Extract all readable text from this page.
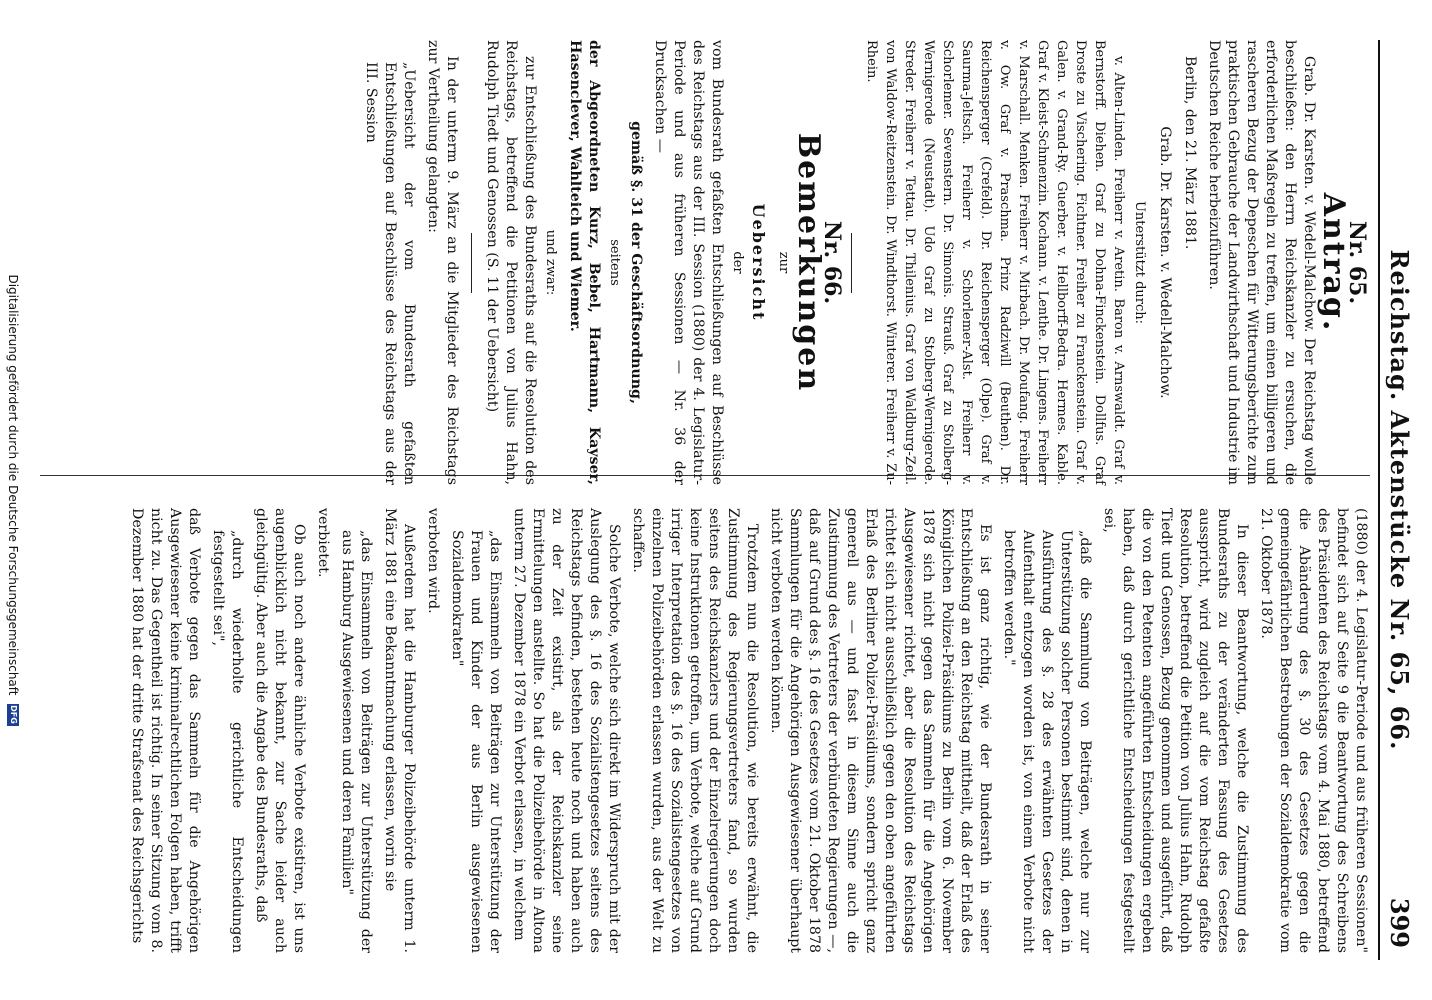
Reichstag. Aktenstücke Nr. 65, 66.
399
Nr. 65.
Antrag.

Grab. Dr. Karsten. v. Wedell-Malchow. Der Reichstag wolle beschließen: den Herrn Reichskanzler zu ersuchen, die erforderlichen Maßregeln zu treffen, um einen billigeren und rascheren Bezug der Depeschen für Witterungsberichte zum praktischen Gebrauche der Landwirthschaft und Industrie im Deutschen Reiche herbeizuführen.

Berlin, den 21. März 1881.

Grab. Dr. Karsten. v. Wedell-Malchow.
Unterstützt durch:

v. Alten-Linden. Freiherr v. Aretin. Baron v. Arnswaldt. Graf v. Bernstorff. Diehen. Graf zu Dohna-Finckenstein. Dollfus. Graf Droste zu Vischering. Fichtner. Freiher zu Franckenstein. Graf v. Galen. v. Grand-Ry. Guerber. v. Hellborff-Bedra. Hermes. Kable. Graf v. Kleist-Schmenzin. Kochann. v. Lenthe. Dr. Lingens. Freiherr v. Marschall. Menken. Freiherr v. Mirbach. Dr. Moufang. Freiherr v. Ow. Graf v. Praschma. Prinz Radziwill (Beuthen). Dr. Reichensperger (Crefeld). Dr. Reichensperger (Olpe). Graf v. Saurma-Jeltsch. Freiherr v. Schorlemer-Alst. Freiherr v. Schorlemer. Sevenstern. Dr. Simonis. Strauß. Graf zu Stolberg-Wernigerode (Neustadt). Udo Graf zu Stolberg-Wernigerode. Streder. Freiherr v. Tettau. Dr. Thilenius. Graf von Waldburg-Zeil. von Waldow-Reitzenstein. Dr. Windthorst. Winterer. Freiherr v. Zu-Rhein.

Nr. 66.
Bemerkungen
zur
Uebersicht
der

vom Bundesrath gefaßten Entschließungen auf Beschlüsse des Reichstags aus der III. Session (1880) der 4. Legislatur-Periode und aus früheren Sessionen — Nr. 36 der Drucksachen —

gemäß §. 31 der Geschäftsordnung,
seitens

der Abgeordneten Kurz, Bebel, Hartmann, Kayser, Hasenclever, Wahlteich und Wiemer.

und zwar:

zur Entschließung des Bundesraths auf die Resolution des Reichstags, betreffend die Petitionen von Julius Hahn, Rudolph Tiedt und Genossen (S. 11 der Uebersicht)

In der unterm 9. März an die Mitglieder des Reichstags zur Vertheilung gelangten:

„Uebersicht der vom Bundesrath gefaßten Entschließungen auf Beschlüsse des Reichstags aus der III. Session

(1880) der 4. Legislatur-Periode und aus früheren Sessionen" befindet sich auf Seite 9 die Beantwortung des Schreibens des Präsidenten des Reichstags vom 4. Mai 1880, betreffend die Abänderung des §. 30 des Gesetzes gegen die gemeingefährlichen Bestrebungen der Sozialdemokratie vom 21. Oktober 1878.

In dieser Beantwortung, welche die Zustimmung des Bundesraths zu der veränderten Fassung des Gesetzes ausspricht, wird zugleich auf die vom Reichstag gefaßte Resolution, betreffend die Petition von Julius Hahn, Rudolph Tiedt und Genossen, Bezug genommen und ausgeführt, daß die von den Petenten angeführten Entscheidungen ergeben haben, daß durch gerichtliche Entscheidungen festgestellt sei,

„daß die Sammlung von Beiträgen, welche nur zur Unterstützung solcher Personen bestimmt sind, denen in Ausführung des §. 28 des erwähnten Gesetzes der Aufenthalt entzogen worden ist, von einem Verbote nicht betroffen werden."

Es ist ganz richtig, wie der Bundesrath in seiner Entschließung an den Reichstag mittheilt, daß der Erlaß des Königlichen Polizei-Präsidiums zu Berlin vom 6. November 1878 sich nicht gegen das Sammeln für die Angehörigen Ausgewiesener richtet, aber die Resolution des Reichstags richtet sich nicht ausschließlich gegen den oben angeführten Erlaß des Berliner Polizei-Präsidiums, sondern spricht ganz generell aus — und fasst in diesem Sinne auch die Zustimmung des Vertreters der verbündeten Regierungen —, daß auf Grund des §. 16 des Gesetzes vom 21. Oktober 1878 Sammlungen für die Angehörigen Ausgewiesener überhaupt nicht verboten werden können.

Trotzdem nun die Resolution, wie bereits erwähnt, die Zustimmung des Regierungsvertreters fand, so wurden seitens des Reichskanzlers und der Einzelregierungen doch keine Instruktionen getroffen, um Verbote, welche auf Grund irriger Interpretation des §. 16 des Sozialistengesetzes von einzelnen Polizeibehörden erlassen wurden, aus der Welt zu schaffen.

Solche Verbote, welche sich direkt im Widerspruch mit der Auslegung des §. 16 des Sozialistengesetzes seitens des Reichstags befinden, bestehen heute noch und haben auch zu der Zeit existirt, als der Reichskanzler seine Ermittelungen anstellte. So hat die Polizeibehörde in Altona unterm 27. Dezember 1878 ein Verbot erlassen, in welchem

„das Einsammeln von Beiträgen zur Unterstützung der Frauen und Kinder der aus Berlin ausgewiesenen Sozialdemokraten"

verboten wird.

Außerdem hat die Hamburger Polizeibehörde unterm 1. März 1881 eine Bekanntmachung erlassen, worin sie

„das Einsammeln von Beiträgen zur Unterstützung der aus Hamburg Ausgewiesenen und deren Familien"

verbietet.

Ob auch noch andere ähnliche Verbote existiren, ist uns augenblicklich nicht bekannt, zur Sache leider auch gleichgültig. Aber auch die Angabe des Bundesraths, daß

„durch wiederholte gerichtliche Entscheidungen festgestellt sei",

daß Verbote gegen das Sammeln für die Angehörigen Ausgewiesener keine kriminalrechtlichen Folgen haben, trifft nicht zu. Das Gegentheil ist richtig. In seiner Sitzung vom 8. Dezember 1880 hat der dritte Strafsenat des Reichsgerichts

Digitalisierung gefördert durch die Deutsche Forschungsgemeinschaft
DFG
